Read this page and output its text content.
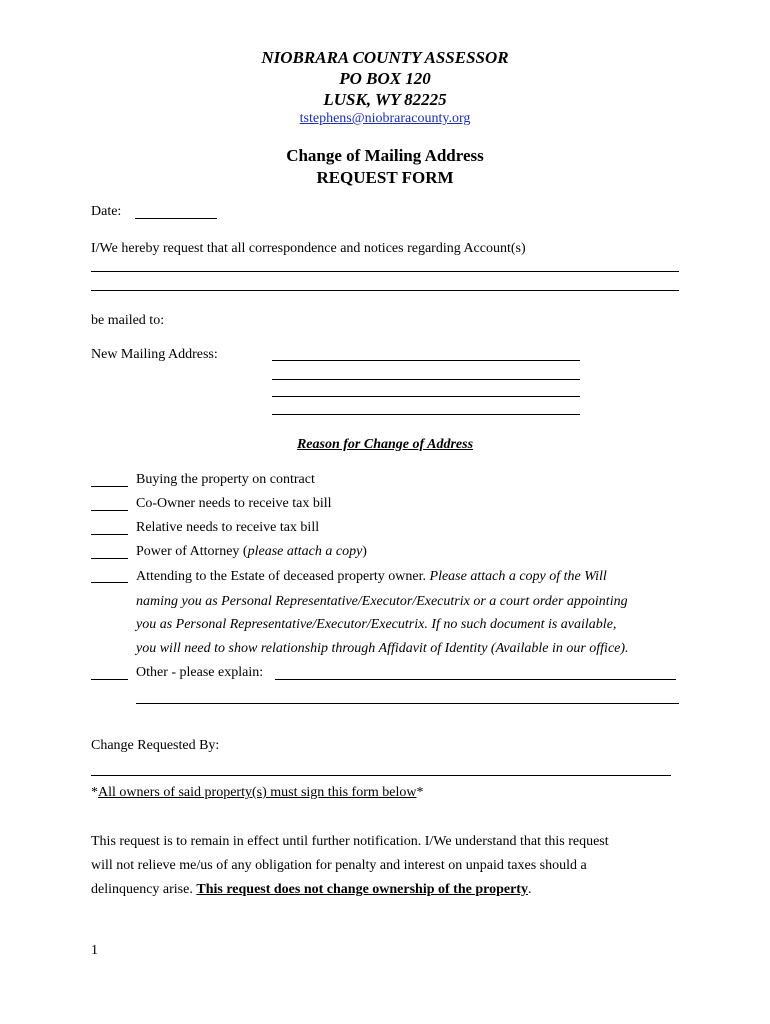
NIOBRARA COUNTY ASSESSOR
PO BOX 120
LUSK, WY 82225
tstephens@niobraracounty.org
Change of Mailing Address
REQUEST FORM
Date:
I/We hereby request that all correspondence and notices regarding Account(s)
be mailed to:
New Mailing Address:
Reason for Change of Address
Buying the property on contract
Co-Owner needs to receive tax bill
Relative needs to receive tax bill
Power of Attorney (please attach a copy)
Attending to the Estate of deceased property owner. Please attach a copy of the Will
naming you as Personal Representative/Executor/Executrix or a court order appointing
you as Personal Representative/Executor/Executrix. If no such document is available,
you will need to show relationship through Affidavit of Identity (Available in our office).
Other - please explain:
Change Requested By:
*All owners of said property(s) must sign this form below*
This request is to remain in effect until further notification. I/We understand that this request
will not relieve me/us of any obligation for penalty and interest on unpaid taxes should a
delinquency arise. This request does not change ownership of the property.
1
